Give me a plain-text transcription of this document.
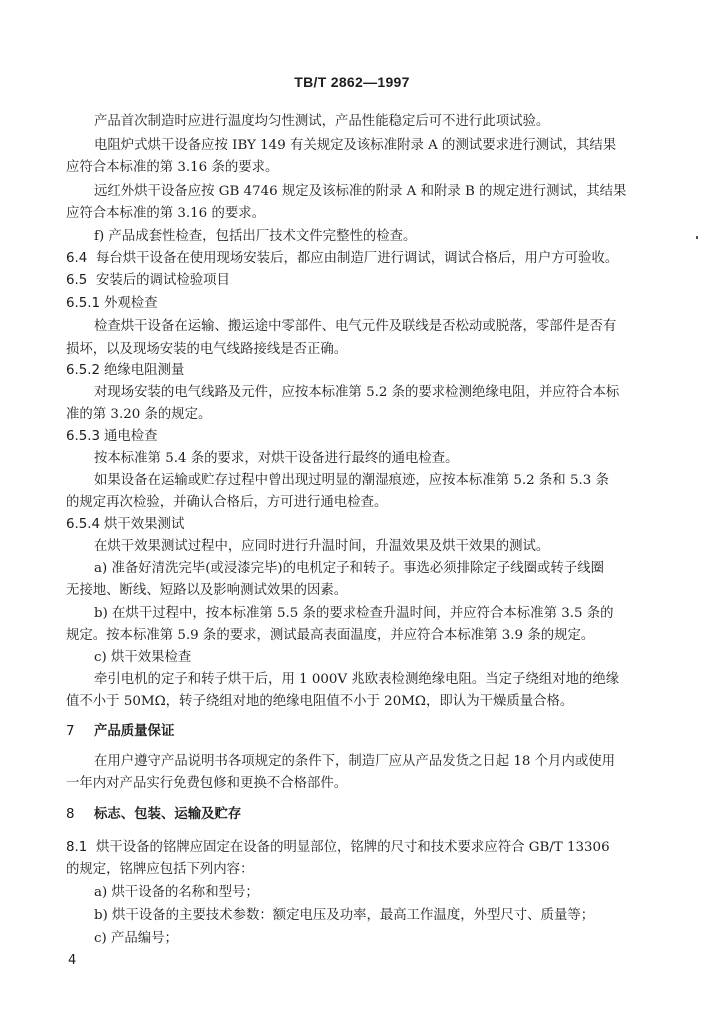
TB/T 2862—1997
产品首次制造时应进行温度均匀性测试，产品性能稳定后可不进行此项试验。
电阻炉式烘干设备应按 IBY 149 有关规定及该标准附录 A 的测试要求进行测试，其结果
应符合本标准的第 3.16 条的要求。
远红外烘干设备应按 GB 4746 规定及该标准的附录 A 和附录 B 的规定进行测试，其结果
应符合本标准的第 3.16 的要求。
f) 产品成套性检查，包括出厂技术文件完整性的检查。
6.4 每台烘干设备在使用现场安装后，都应由制造厂进行调试，调试合格后，用户方可验收。
6.5 安装后的调试检验项目
6.5.1 外观检查
检查烘干设备在运输、搬运途中零部件、电气元件及联线是否松动或脱落，零部件是否有
损坏，以及现场安装的电气线路接线是否正确。
6.5.2 绝缘电阻测量
对现场安装的电气线路及元件，应按本标准第 5.2 条的要求检测绝缘电阻，并应符合本标
准的第 3.20 条的规定。
6.5.3 通电检查
按本标准第 5.4 条的要求，对烘干设备进行最终的通电检查。
如果设备在运输或贮存过程中曾出现过明显的潮湿痕迹，应按本标准第 5.2 条和 5.3 条
的规定再次检验，并确认合格后，方可进行通电检查。
6.5.4 烘干效果测试
在烘干效果测试过程中，应同时进行升温时间，升温效果及烘干效果的测试。
a) 准备好清洗完毕(或浸漆完毕)的电机定子和转子。事选必须排除定子线圈或转子线圈
无接地、断线、短路以及影响测试效果的因素。
b) 在烘干过程中，按本标准第 5.5 条的要求检查升温时间，并应符合本标准第 3.5 条的
规定。按本标准第 5.9 条的要求，测试最高表面温度，并应符合本标准第 3.9 条的规定。
c) 烘干效果检查
牵引电机的定子和转子烘干后，用 1 000V 兆欧表检测绝缘电阻。当定子绕组对地的绝缘
值不小于 50MΩ，转子绕组对地的绝缘电阻值不小于 20MΩ，即认为干燥质量合格。
7 产品质量保证
在用户遵守产品说明书各项规定的条件下，制造厂应从产品发货之日起 18 个月内或使用
一年内对产品实行免费包修和更换不合格部件。
8 标志、包装、运输及贮存
8.1 烘干设备的铭牌应固定在设备的明显部位，铭牌的尺寸和技术要求应符合 GB/T 13306
的规定，铭牌应包括下列内容：
a) 烘干设备的名称和型号；
b) 烘干设备的主要技术参数：额定电压及功率，最高工作温度，外型尺寸、质量等；
c) 产品编号；
4
